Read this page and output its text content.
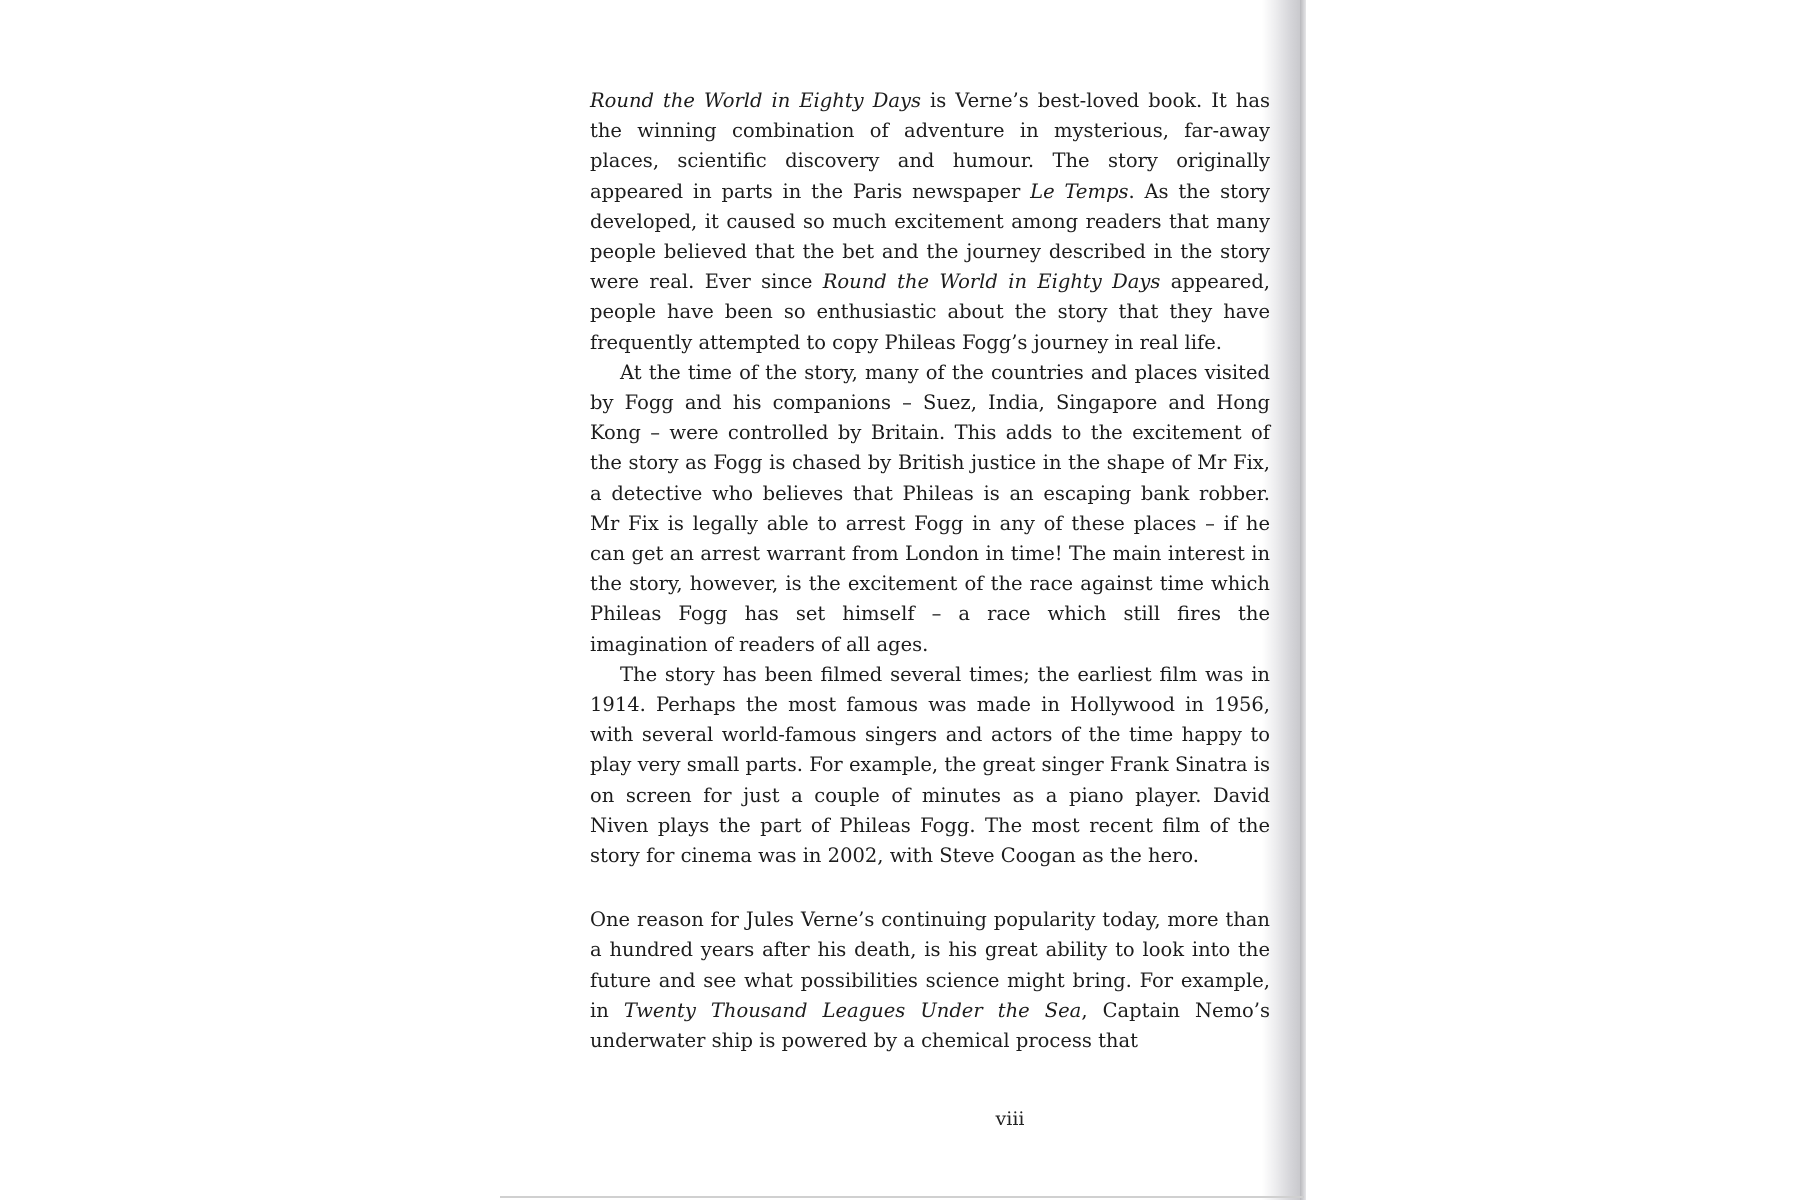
Round the World in Eighty Days is Verne’s best-loved book. It has the winning combination of adventure in mysterious, far-away places, scientific discovery and humour. The story originally appeared in parts in the Paris newspaper Le Temps. As the story developed, it caused so much excitement among readers that many people believed that the bet and the journey described in the story were real. Ever since Round the World in Eighty Days appeared, people have been so enthusiastic about the story that they have frequently attempted to copy Phileas Fogg’s journey in real life.

At the time of the story, many of the countries and places visited by Fogg and his companions – Suez, India, Singapore and Hong Kong – were controlled by Britain. This adds to the excitement of the story as Fogg is chased by British justice in the shape of Mr Fix, a detective who believes that Phileas is an escaping bank robber. Mr Fix is legally able to arrest Fogg in any of these places – if he can get an arrest warrant from London in time! The main interest in the story, however, is the excitement of the race against time which Phileas Fogg has set himself – a race which still fires the imagination of readers of all ages.

The story has been filmed several times; the earliest film was in 1914. Perhaps the most famous was made in Hollywood in 1956, with several world-famous singers and actors of the time happy to play very small parts. For example, the great singer Frank Sinatra is on screen for just a couple of minutes as a piano player. David Niven plays the part of Phileas Fogg. The most recent film of the story for cinema was in 2002, with Steve Coogan as the hero.

One reason for Jules Verne’s continuing popularity today, more than a hundred years after his death, is his great ability to look into the future and see what possibilities science might bring. For example, in Twenty Thousand Leagues Under the Sea, Captain Nemo’s underwater ship is powered by a chemical process that

viii
